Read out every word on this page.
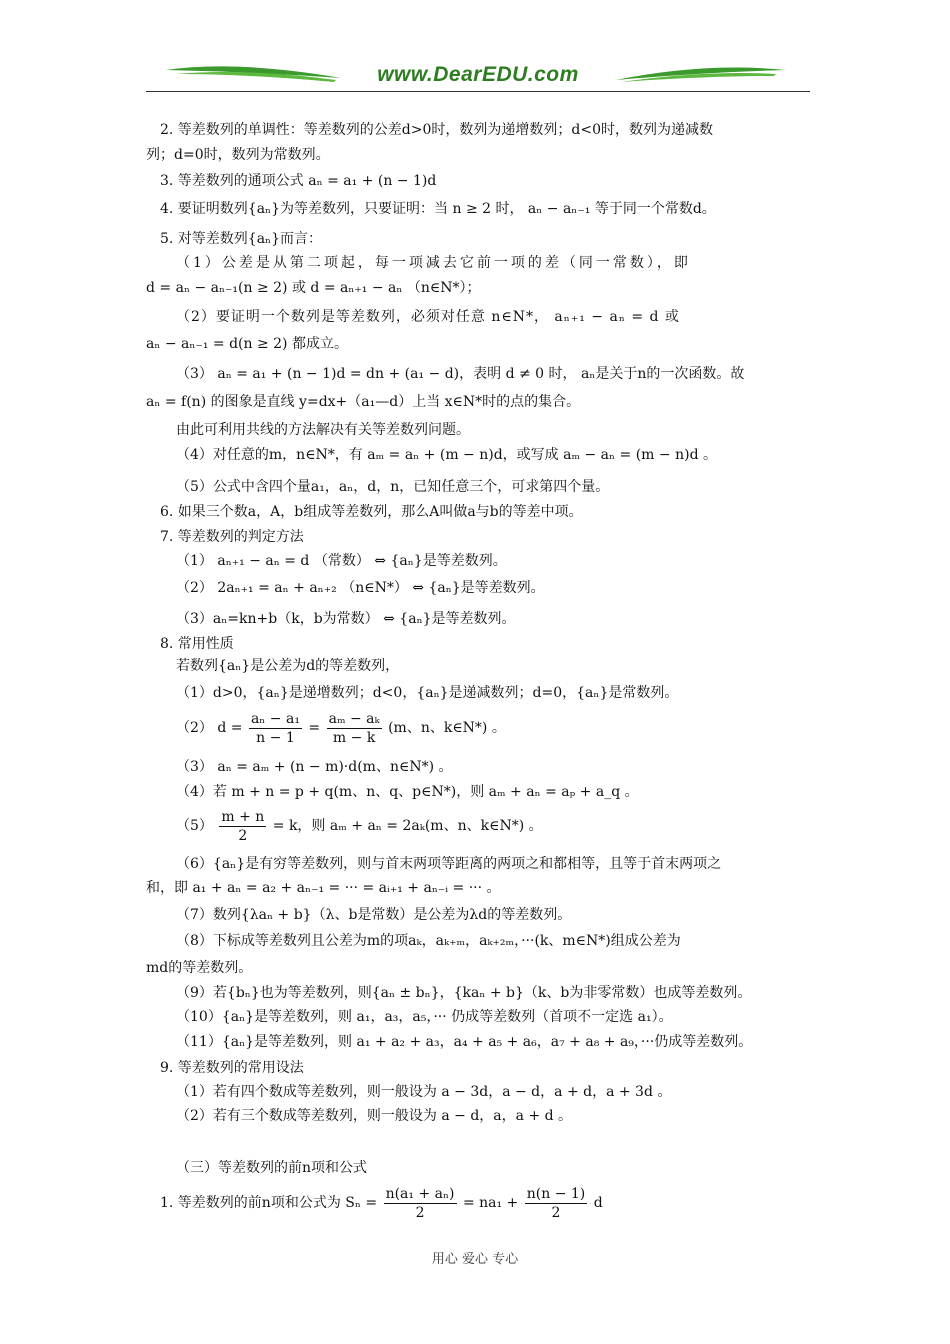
www.DearEDU.com
2. 等差数列的单调性：等差数列的公差d>0时，数列为递增数列；d<0时，数列为递减数
列；d=0时，数列为常数列。
3. 等差数列的通项公式 aₙ = a₁ + (n − 1)d
4. 要证明数列{aₙ}为等差数列，只要证明：当 n ≥ 2 时， aₙ − aₙ₋₁ 等于同一个常数d。
5. 对等差数列{aₙ}而言：
（1）公差是从第二项起，每一项减去它前一项的差（同一常数），即
d = aₙ − aₙ₋₁(n ≥ 2) 或 d = aₙ₊₁ − aₙ （n∈N*）；
（2）要证明一个数列是等差数列，必须对任意 n∈N*， aₙ₊₁ − aₙ = d 或
aₙ − aₙ₋₁ = d(n ≥ 2) 都成立。
（3） aₙ = a₁ + (n − 1)d = dn + (a₁ − d)，表明 d ≠ 0 时， aₙ是关于n的一次函数。故
aₙ = f(n) 的图象是直线 y=dx+（a₁—d）上当 x∈N*时的点的集合。
由此可利用共线的方法解决有关等差数列问题。
（4）对任意的m，n∈N*，有 aₘ = aₙ + (m − n)d，或写成 aₘ − aₙ = (m − n)d 。
（5）公式中含四个量a₁，aₙ，d，n，已知任意三个，可求第四个量。
6. 如果三个数a，A，b组成等差数列，那么A叫做a与b的等差中项。
7. 等差数列的判定方法
（1） aₙ₊₁ − aₙ = d （常数） ⇔ {aₙ}是等差数列。
（2） 2aₙ₊₁ = aₙ + aₙ₊₂ （n∈N*） ⇔ {aₙ}是等差数列。
（3）aₙ=kn+b（k，b为常数） ⇔ {aₙ}是等差数列。
8. 常用性质
若数列{aₙ}是公差为d的等差数列，
（1）d>0，{aₙ}是递增数列；d<0，{aₙ}是递减数列；d=0，{aₙ}是常数列。
（2） $d = \frac{\text{aₙ − a₁}}{n - 1} = \frac{\text{aₘ − aₖ}}{m - k} (m$、n、k∈N*) 。
（3） aₙ = aₘ + (n − m)·d(m、n∈N*) 。
（4）若 m + n = p + q(m、n、q、p∈N*)，则 aₘ + aₙ = aₚ + a_q 。
$(5) \frac{m + n}{2} = k$，则 aₘ + aₙ = 2aₖ(m、n、k∈N*) 。
（6）{aₙ}是有穷等差数列，则与首末两项等距离的两项之和都相等，且等于首末两项之
和，即 a₁ + aₙ = a₂ + aₙ₋₁ = ··· = aᵢ₊₁ + aₙ₋ᵢ = ··· 。
（7）数列{λaₙ + b}（λ、b是常数）是公差为λd的等差数列。
（8）下标成等差数列且公差为m的项aₖ，aₖ₊ₘ，aₖ₊₂ₘ，···(k、m∈N*)组成公差为
md的等差数列。
（9）若{bₙ}也为等差数列，则{aₙ ± bₙ}，{kaₙ + b}（k、b为非零常数）也成等差数列。
（10）{aₙ}是等差数列，则 a₁，a₃，a₅，··· 仍成等差数列（首项不一定选 a₁）。
（11）{aₙ}是等差数列，则 a₁ + a₂ + a₃，a₄ + a₅ + a₆，a₇ + a₈ + a₉，···仍成等差数列。
9. 等差数列的常用设法
（1）若有四个数成等差数列，则一般设为 a − 3d，a − d，a + d，a + 3d 。
（2）若有三个数成等差数列，则一般设为 a − d，a，a + d 。
（三）等差数列的前n项和公式
1. 等差数列的前n项和公式为 $S_n = \frac{\text{n(a₁ + aₙ)}}{2} = na_1 + \frac{n(n - 1)}{2}$ d
用心 爱心 专心
